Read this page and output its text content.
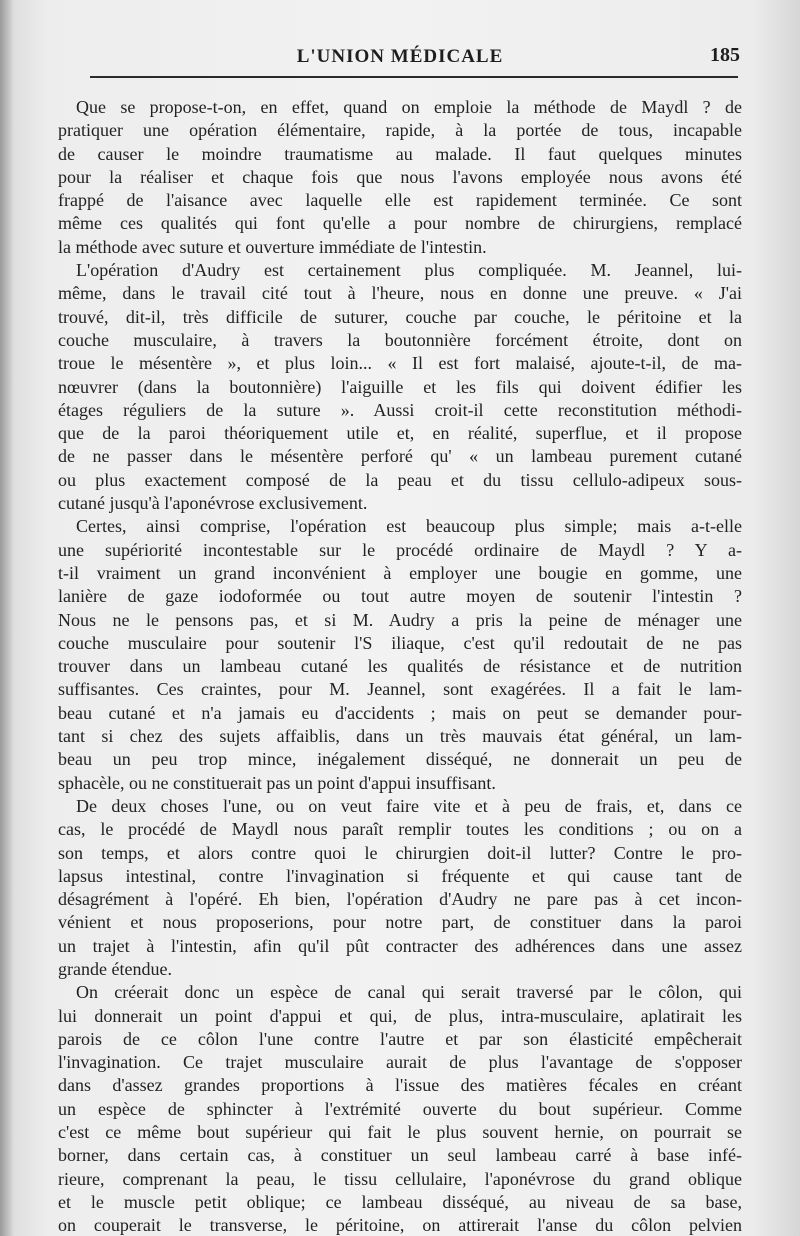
L'UNION MÉDICALE	185
Que se propose-t-on, en effet, quand on emploie la méthode de Maydl ? de
pratiquer une opération élémentaire, rapide, à la portée de tous, incapable
de causer le moindre traumatisme au malade. Il faut quelques minutes
pour la réaliser et chaque fois que nous l'avons employée nous avons été
frappé de l'aisance avec laquelle elle est rapidement terminée. Ce sont
même ces qualités qui font qu'elle a pour nombre de chirurgiens, remplacé
la méthode avec suture et ouverture immédiate de l'intestin.
L'opération d'Audry est certainement plus compliquée. M. Jeannel, lui-
même, dans le travail cité tout à l'heure, nous en donne une preuve. « J'ai
trouvé, dit-il, très difficile de suturer, couche par couche, le péritoine et la
couche musculaire, à travers la boutonnière forcément étroite, dont on
troue le mésentère », et plus loin... « Il est fort malaisé, ajoute-t-il, de ma-
nœuvrer (dans la boutonnière) l'aiguille et les fils qui doivent édifier les
étages réguliers de la suture ». Aussi croit-il cette reconstitution méthodi-
que de la paroi théoriquement utile et, en réalité, superflue, et il propose
de ne passer dans le mésentère perforé qu' « un lambeau purement cutané
ou plus exactement composé de la peau et du tissu cellulo-adipeux sous-
cutané jusqu'à l'aponévrose exclusivement.
Certes, ainsi comprise, l'opération est beaucoup plus simple; mais a-t-elle
une supériorité incontestable sur le procédé ordinaire de Maydl ? Y a-
t-il vraiment un grand inconvénient à employer une bougie en gomme, une
lanière de gaze iodoformée ou tout autre moyen de soutenir l'intestin ?
Nous ne le pensons pas, et si M. Audry a pris la peine de ménager une
couche musculaire pour soutenir l'S iliaque, c'est qu'il redoutait de ne pas
trouver dans un lambeau cutané les qualités de résistance et de nutrition
suffisantes. Ces craintes, pour M. Jeannel, sont exagérées. Il a fait le lam-
beau cutané et n'a jamais eu d'accidents ; mais on peut se demander pour-
tant si chez des sujets affaiblis, dans un très mauvais état général, un lam-
beau un peu trop mince, inégalement disséqué, ne donnerait un peu de
sphacèle, ou ne constituerait pas un point d'appui insuffisant.
De deux choses l'une, ou on veut faire vite et à peu de frais, et, dans ce
cas, le procédé de Maydl nous paraît remplir toutes les conditions ; ou on a
son temps, et alors contre quoi le chirurgien doit-il lutter? Contre le pro-
lapsus intestinal, contre l'invagination si fréquente et qui cause tant de
désagrément à l'opéré. Eh bien, l'opération d'Audry ne pare pas à cet incon-
vénient et nous proposerions, pour notre part, de constituer dans la paroi
un trajet à l'intestin, afin qu'il pût contracter des adhérences dans une assez
grande étendue.
On créerait donc un espèce de canal qui serait traversé par le côlon, qui
lui donnerait un point d'appui et qui, de plus, intra-musculaire, aplatirait les
parois de ce côlon l'une contre l'autre et par son élasticité empêcherait
l'invagination. Ce trajet musculaire aurait de plus l'avantage de s'opposer
dans d'assez grandes proportions à l'issue des matières fécales en créant
un espèce de sphincter à l'extrémité ouverte du bout supérieur. Comme
c'est ce même bout supérieur qui fait le plus souvent hernie, on pourrait se
borner, dans certain cas, à constituer un seul lambeau carré à base infé-
rieure, comprenant la peau, le tissu cellulaire, l'aponévrose du grand oblique
et le muscle petit oblique; ce lambeau disséqué, au niveau de sa base,
on couperait le transverse, le péritoine, on attirerait l'anse du côlon pelvien
